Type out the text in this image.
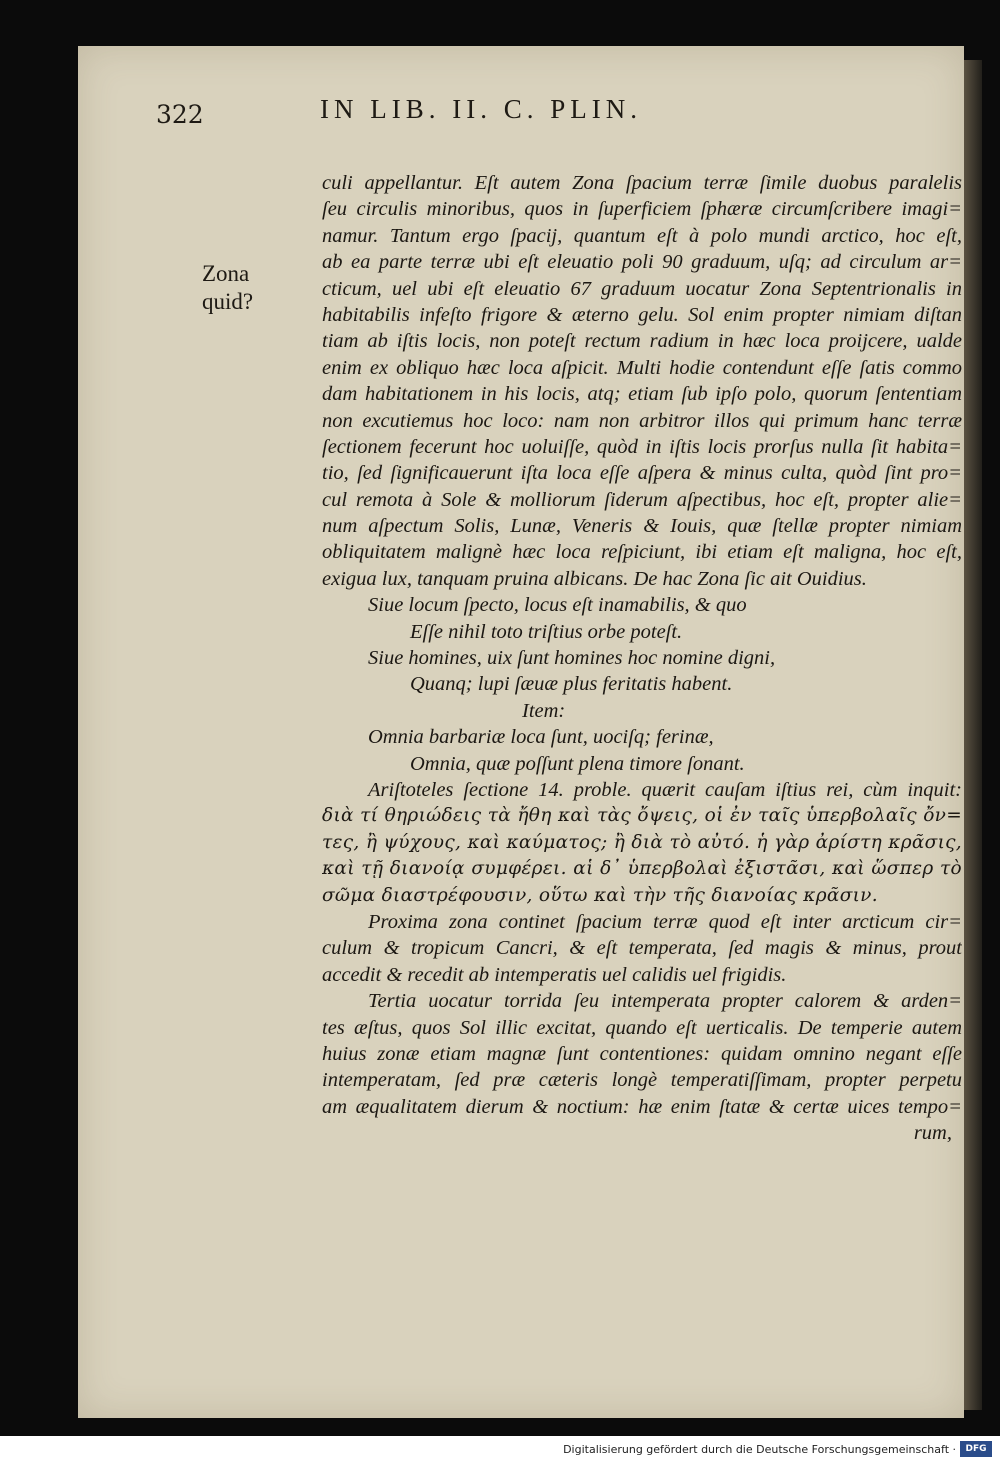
322	IN LIB. II. C. PLIN.
Zona
quid?
culi appellantur. Eſt autem Zona ſpacium terræ ſimile duobus paralelis
ſeu circulis minoribus, quos in ſuperficiem ſphæræ circumſcribere imagi=
namur. Tantum ergo ſpacij, quantum eſt à polo mundi arctico, hoc eſt,
ab ea parte terræ ubi eſt eleuatio poli 90 graduum, uſq; ad circulum ar=
cticum, uel ubi eſt eleuatio 67 graduum uocatur Zona Septentrionalis in
habitabilis infeſto frigore & æterno gelu. Sol enim propter nimiam diſtan
tiam ab iſtis locis, non poteſt rectum radium in hæc loca proijcere, ualde
enim ex obliquo hæc loca aſpicit. Multi hodie contendunt eſſe ſatis commo
dam habitationem in his locis, atq; etiam ſub ipſo polo, quorum ſententiam
non excutiemus hoc loco: nam non arbitror illos qui primum hanc terræ
ſectionem fecerunt hoc uoluiſſe, quòd in iſtis locis prorſus nulla ſit habita=
tio, ſed ſignificauerunt iſta loca eſſe aſpera & minus culta, quòd ſint pro=
cul remota à Sole & molliorum ſiderum aſpectibus, hoc eſt, propter alie=
num aſpectum Solis, Lunæ, Veneris & Iouis, quæ ſtellæ propter nimiam
obliquitatem malignè hæc loca reſpiciunt, ibi etiam eſt maligna, hoc eſt,
exigua lux, tanquam pruina albicans. De hac Zona ſic ait Ouidius.
Siue locum ſpecto, locus eſt inamabilis, & quo
Eſſe nihil toto triſtius orbe poteſt.
Siue homines, uix ſunt homines hoc nomine digni,
Quanq; lupi ſæuæ plus feritatis habent.
Item:
Omnia barbariæ loca ſunt, uociſq; ferinæ,
Omnia, quæ poſſunt plena timore ſonant.
Ariſtoteles ſectione 14. proble. quærit cauſam iſtius rei, cùm inquit:
διὰ τί θηριώδεις τὰ ἤθη καὶ τὰς ὄψεις, οἱ ἐν ταῖς ὑπερβολαῖς ὄν=
τες, ἢ ψύχους, καὶ καύματος; ἢ διὰ τὸ αὐτό. ἡ γὰρ ἀρίστη κρᾶσις,
καὶ τῇ διανοίᾳ συμφέρει. αἱ δ᾽ ὑπερβολαὶ ἐξιστᾶσι, καὶ ὥσπερ τὸ
σῶμα διαστρέφουσιν, οὕτω καὶ τὴν τῆς διανοίας κρᾶσιν.
Proxima zona continet ſpacium terræ quod eſt inter arcticum cir=
culum & tropicum Cancri, & eſt temperata, ſed magis & minus, prout
accedit & recedit ab intemperatis uel calidis uel frigidis.
Tertia uocatur torrida ſeu intemperata propter calorem & arden=
tes æſtus, quos Sol illic excitat, quando eſt uerticalis. De temperie autem
huius zonæ etiam magnæ ſunt contentiones: quidam omnino negant eſſe
intemperatam, ſed præ cæteris longè temperatiſſimam, propter perpetu
am æqualitatem dierum & noctium: hæ enim ſtatæ & certæ uices tempo=
rum,
Digitalisierung gefördert durch die Deutsche Forschungsgemeinschaft ·	DFG
